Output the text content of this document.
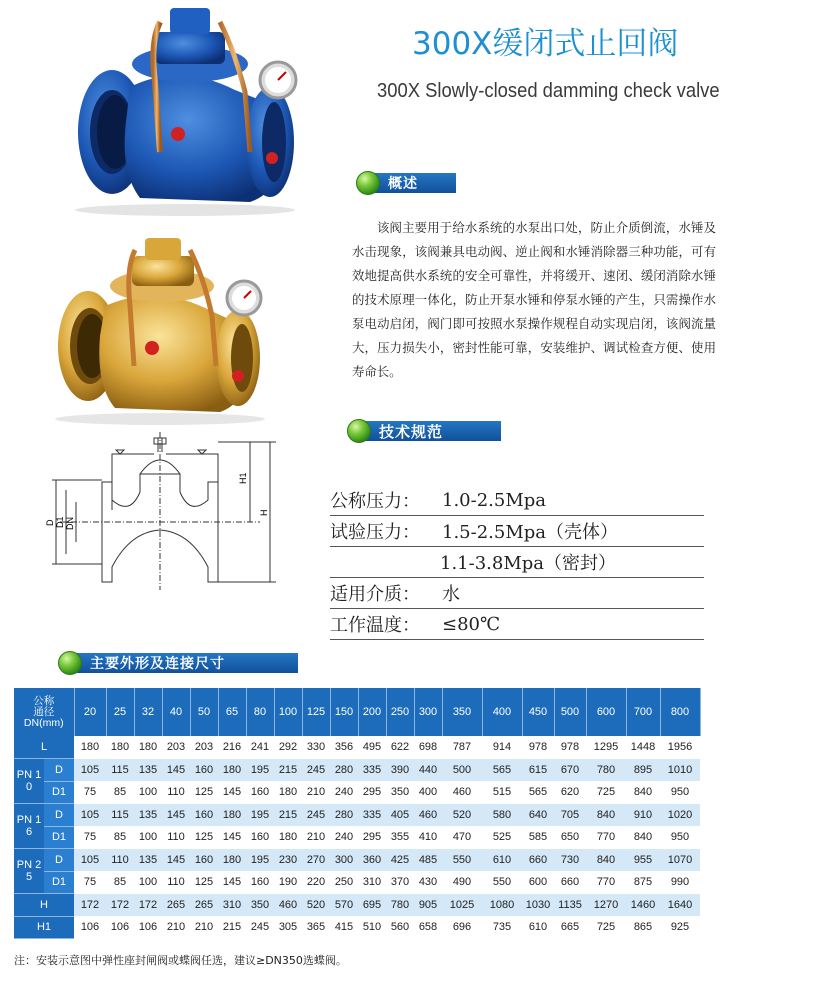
300X缓闭式止回阀
300X Slowly-closed damming check valve
H1
H
D D1 DN
概述
该阀主要用于给水系统的水泵出口处，防止介质倒流，水锤及水击现象，该阀兼具电动阀、逆止阀和水锤消除器三种功能，可有效地提高供水系统的安全可靠性，并将缓开、速闭、缓闭消除水锤的技术原理一体化，防止开泵水锤和停泵水锤的产生，只需操作水泵电动启闭，阀门即可按照水泵操作规程自动实现启闭，该阀流量大，压力损失小，密封性能可靠，安装维护、调试检查方便、使用寿命长。
技术规范
公称压力：	1.0-2.5Mpa
试验压力：	1.5-2.5Mpa（壳体）
1.1-3.8Mpa（密封）
适用介质：	水
工作温度：	≤80℃
主要外形及连接尺寸
公称
通径
DN(mm)		20	25	32	40	50	65	80	100	125	150	200	250	300	350	400	450	500	600	700	800
L		180	180	180	203	203	216	241	292	330	356	495	622	698	787	914	978	978	1295	1448	1956
PN 10	D	105	115	135	145	160	180	195	215	245	280	335	390	440	500	565	615	670	780	895	1010
	D1	75	85	100	110	125	145	160	180	210	240	295	350	400	460	515	565	620	725	840	950
PN 16	D	105	115	135	145	160	180	195	215	245	280	335	405	460	520	580	640	705	840	910	1020
	D1	75	85	100	110	125	145	160	180	210	240	295	355	410	470	525	585	650	770	840	950
PN 25	D	105	110	135	145	160	180	195	230	270	300	360	425	485	550	610	660	730	840	955	1070
	D1	75	85	100	110	125	145	160	190	220	250	310	370	430	490	550	600	660	770	875	990
H		172	172	172	265	265	310	350	460	520	570	695	780	905	1025	1080	1030	1135	1270	1460	1640
H1		106	106	106	210	210	215	245	305	365	415	510	560	658	696	735	610	665	725	865	925
注：安装示意图中弹性座封闸阀或蝶阀任选，建议≥DN350选蝶阀。
